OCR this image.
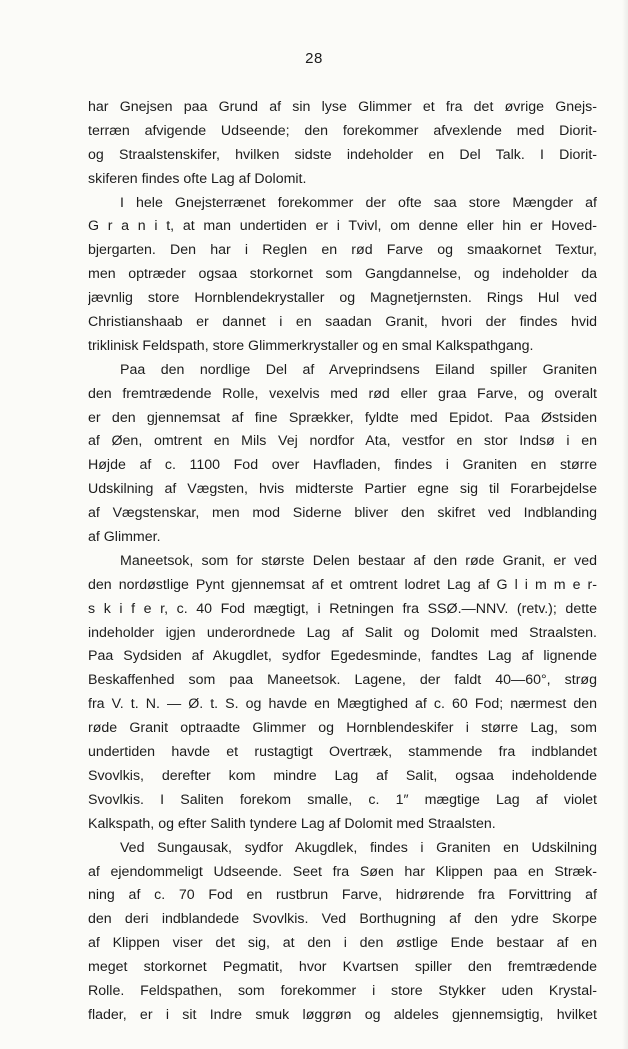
28
har Gnejsen paa Grund af sin lyse Glimmer et fra det øvrige Gnejs-
terræn afvigende Udseende; den forekommer afvexlende med Diorit-
og Straalstenskifer, hvilken sidste indeholder en Del Talk. I Diorit-
skiferen findes ofte Lag af Dolomit.
I hele Gnejsterrænet forekommer der ofte saa store Mængder af
G r a n i t, at man undertiden er i Tvivl, om denne eller hin er Hoved-
bjergarten. Den har i Reglen en rød Farve og smaakornet Textur,
men optræder ogsaa storkornet som Gangdannelse, og indeholder da
jævnlig store Hornblendekrystaller og Magnetjernsten. Rings Hul ved
Christianshaab er dannet i en saadan Granit, hvori der findes hvid
triklinisk Feldspath, store Glimmerkrystaller og en smal Kalkspathgang.
Paa den nordlige Del af Arveprindsens Eiland spiller Graniten
den fremtrædende Rolle, vexelvis med rød eller graa Farve, og overalt
er den gjennemsat af fine Sprækker, fyldte med Epidot. Paa Østsiden
af Øen, omtrent en Mils Vej nordfor Ata, vestfor en stor Indsø i en
Højde af c. 1100 Fod over Havfladen, findes i Graniten en større
Udskilning af Vægsten, hvis midterste Partier egne sig til Forarbejdelse
af Vægstenskar, men mod Siderne bliver den skifret ved Indblanding
af Glimmer.
Maneetsok, som for største Delen bestaar af den røde Granit, er ved
den nordøstlige Pynt gjennemsat af et omtrent lodret Lag af G l i m m e r-
s k i f e r, c. 40 Fod mægtigt, i Retningen fra SSØ.—NNV. (retv.); dette
indeholder igjen underordnede Lag af Salit og Dolomit med Straalsten.
Paa Sydsiden af Akugdlet, sydfor Egedesminde, fandtes Lag af lignende
Beskaffenhed som paa Maneetsok. Lagene, der faldt 40—60°, strøg
fra V. t. N. — Ø. t. S. og havde en Mægtighed af c. 60 Fod; nærmest den
røde Granit optraadte Glimmer og Hornblendeskifer i større Lag, som
undertiden havde et rustagtigt Overtræk, stammende fra indblandet
Svovlkis, derefter kom mindre Lag af Salit, ogsaa indeholdende
Svovlkis. I Saliten forekom smalle, c. 1″ mægtige Lag af violet
Kalkspath, og efter Salith tyndere Lag af Dolomit med Straalsten.
Ved Sungausak, sydfor Akugdlek, findes i Graniten en Udskilning
af ejendommeligt Udseende. Seet fra Søen har Klippen paa en Stræk-
ning af c. 70 Fod en rustbrun Farve, hidrørende fra Forvittring af
den deri indblandede Svovlkis. Ved Borthugning af den ydre Skorpe
af Klippen viser det sig, at den i den østlige Ende bestaar af en
meget storkornet Pegmatit, hvor Kvartsen spiller den fremtrædende
Rolle. Feldspathen, som forekommer i store Stykker uden Krystal-
flader, er i sit Indre smuk løggrøn og aldeles gjennemsigtig, hvilket
